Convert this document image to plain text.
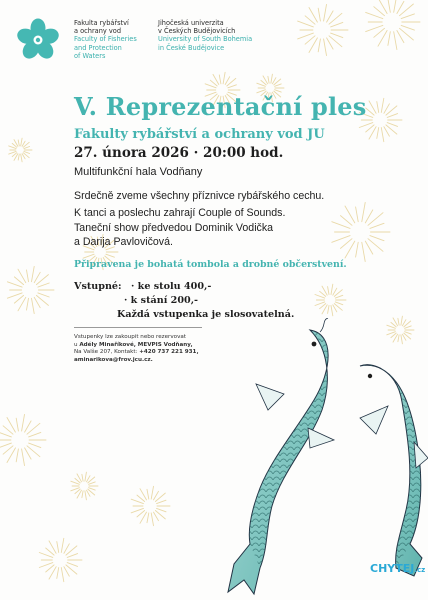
Fakulta rybářství
a ochrany vod
Faculty of Fisheries
and Protection
of Waters
Jihočeská univerzita
v Českých Budějovicích
University of South Bohemia
in České Budějovice
V. Reprezentační ples
Fakulty rybářství a ochrany vod JU
27. února 2026 · 20:00 hod.
Multifunkční hala Vodňany
Srdečně zveme všechny příznivce rybářského cechu.
K tanci a poslechu zahrají Couple of Sounds.
Taneční show předvedou Dominik Vodička
a Darija Pavlovičová.
Připravena je bohatá tombola a drobné občerstvení.
Vstupné: · ke stolu 400,-
· k stání 200,-
Každá vstupenka je slosovatelná.
Vstupenky lze zakoupit nebo rezervovat
u Adély Minaříkové, MEVPIS Vodňany,
Na Valše 207, Kontakt: +420 737 221 931,
aminarikova@frov.jcu.cz.
CHYTEJ.cz
